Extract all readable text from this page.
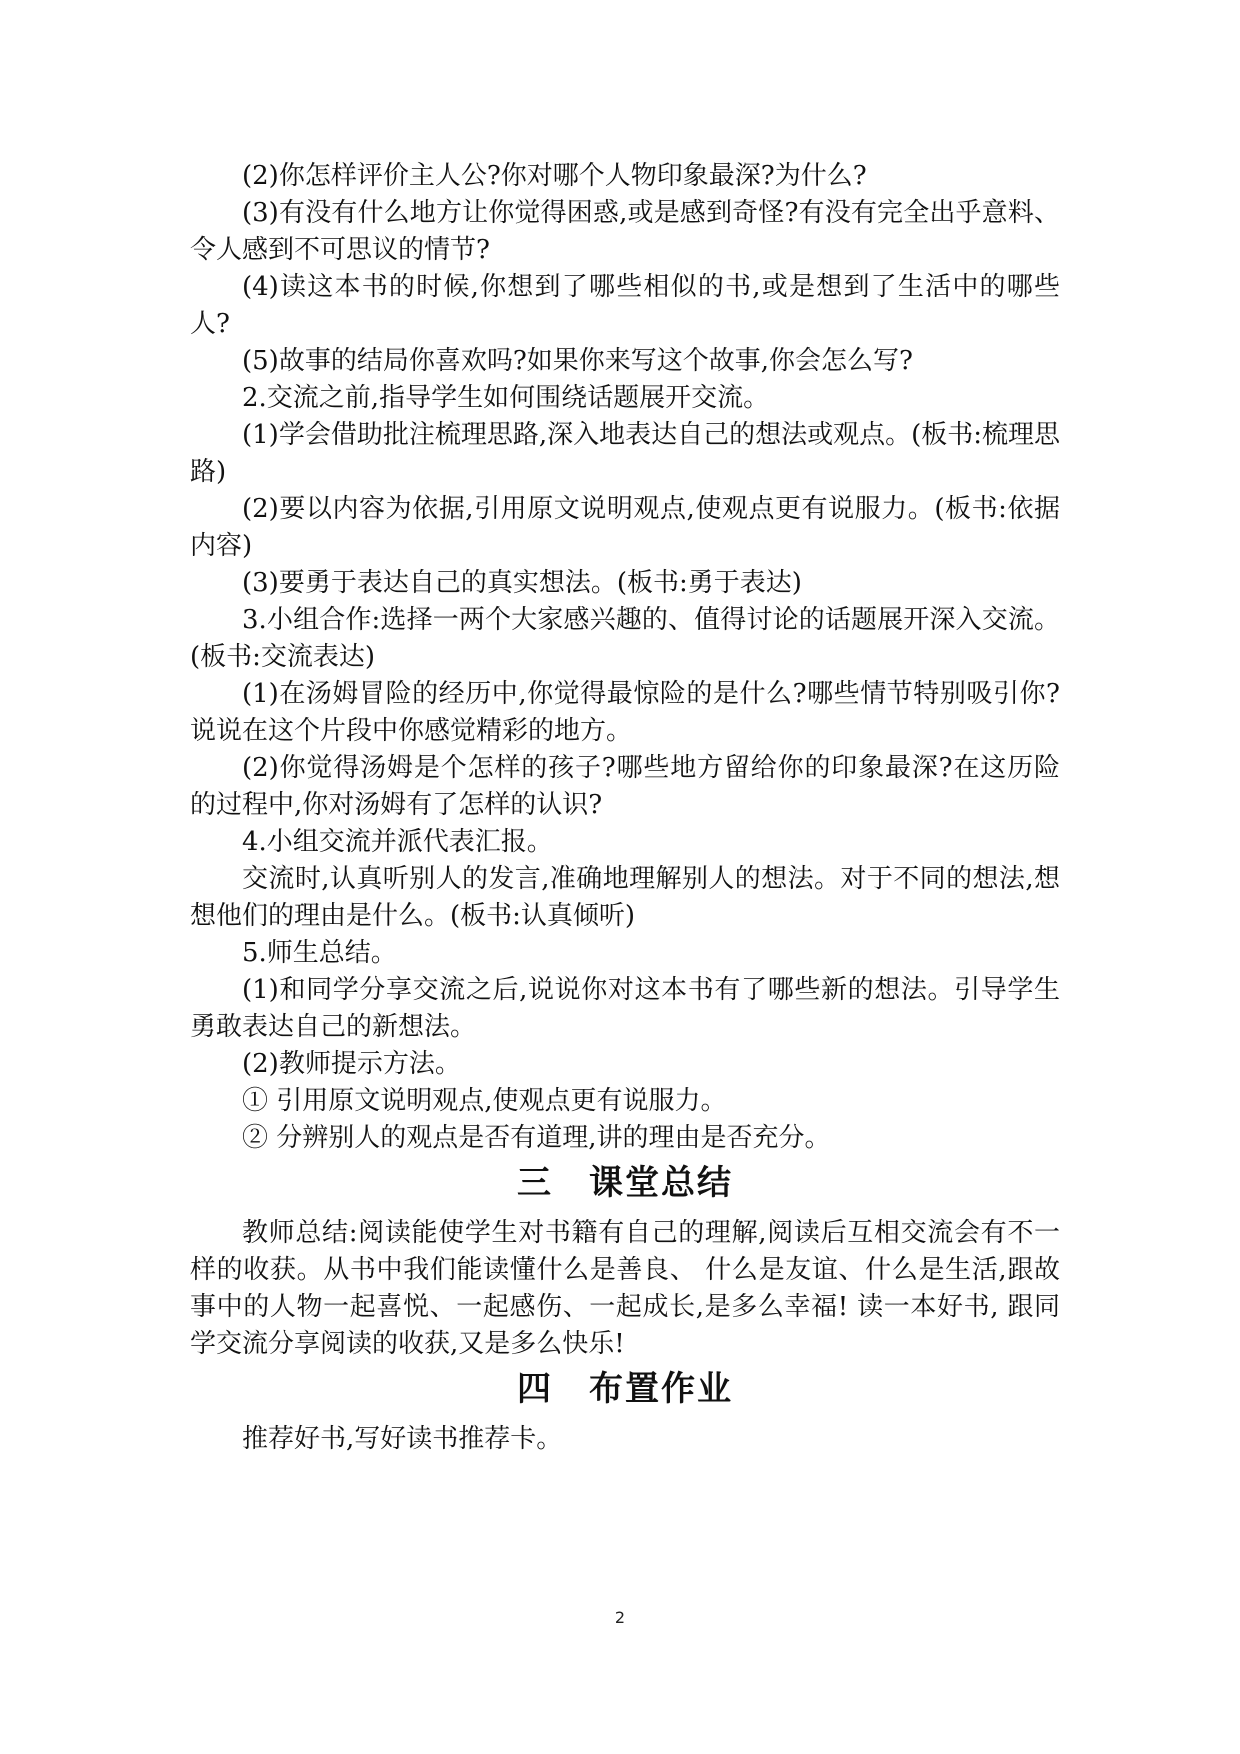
(2)你怎样评价主人公?你对哪个人物印象最深?为什么?

(3)有没有什么地方让你觉得困惑,或是感到奇怪?有没有完全出乎意料、令人感到不可思议的情节?

(4)读这本书的时候,你想到了哪些相似的书,或是想到了生活中的哪些人?

(5)故事的结局你喜欢吗?如果你来写这个故事,你会怎么写?

2.交流之前,指导学生如何围绕话题展开交流。

(1)学会借助批注梳理思路,深入地表达自己的想法或观点。(板书:梳理思路)

(2)要以内容为依据,引用原文说明观点,使观点更有说服力。(板书:依据内容)

(3)要勇于表达自己的真实想法。(板书:勇于表达)

3.小组合作:选择一两个大家感兴趣的、值得讨论的话题展开深入交流。(板书:交流表达)

(1)在汤姆冒险的经历中,你觉得最惊险的是什么?哪些情节特别吸引你?说说在这个片段中你感觉精彩的地方。

(2)你觉得汤姆是个怎样的孩子?哪些地方留给你的印象最深?在这历险的过程中,你对汤姆有了怎样的认识?

4.小组交流并派代表汇报。

交流时,认真听别人的发言,准确地理解别人的想法。对于不同的想法,想想他们的理由是什么。(板书:认真倾听)

5.师生总结。

(1)和同学分享交流之后,说说你对这本书有了哪些新的想法。引导学生勇敢表达自己的新想法。

(2)教师提示方法。

① 引用原文说明观点,使观点更有说服力。

② 分辨别人的观点是否有道理,讲的理由是否充分。

三　课堂总结

教师总结:阅读能使学生对书籍有自己的理解,阅读后互相交流会有不一样的收获。从书中我们能读懂什么是善良、 什么是友谊、什么是生活,跟故事中的人物一起喜悦、一起感伤、一起成长,是多么幸福! 读一本好书, 跟同学交流分享阅读的收获,又是多么快乐!

四　布置作业

推荐好书,写好读书推荐卡。

2
